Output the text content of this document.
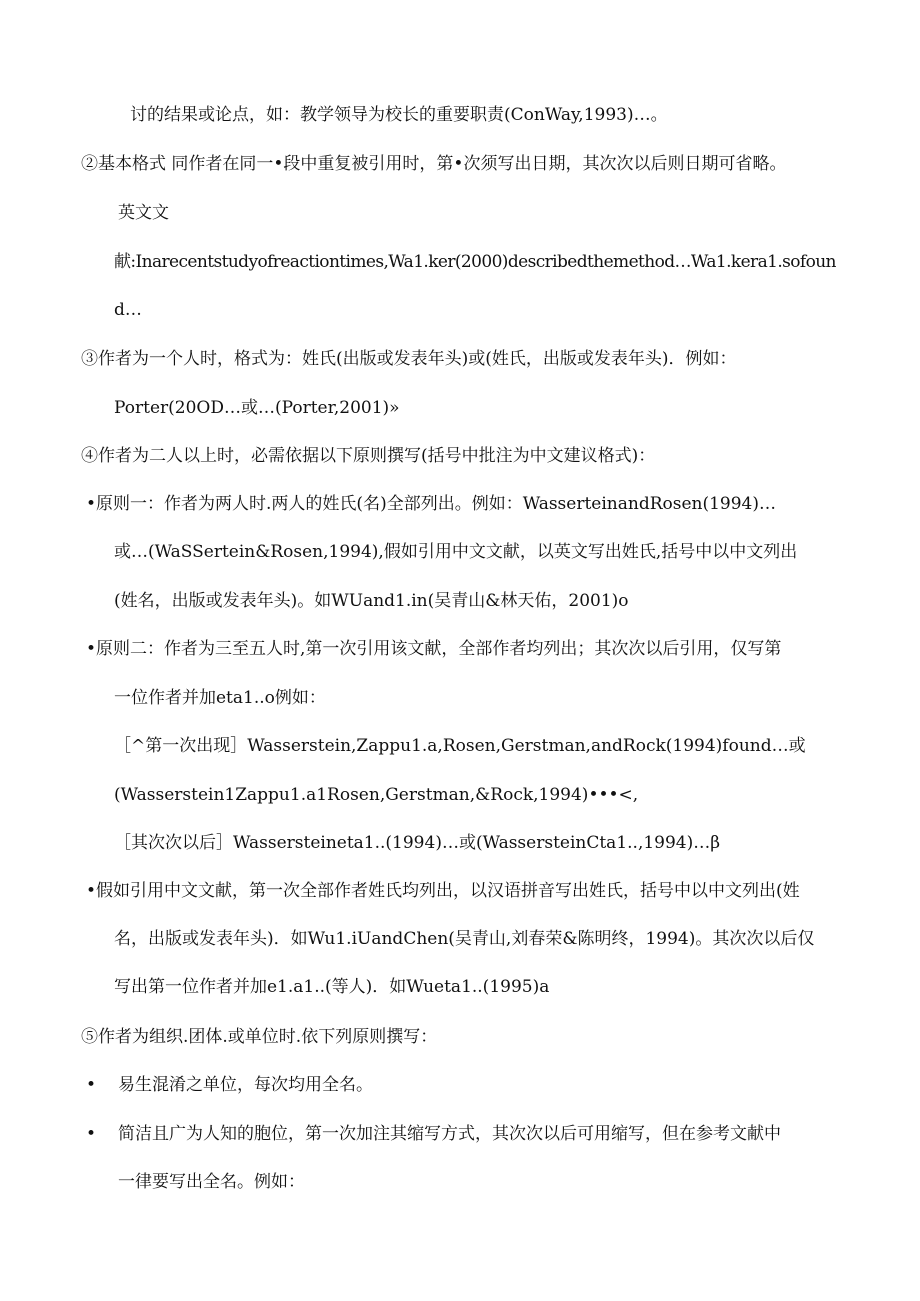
讨的结果或论点，如：教学领导为校长的重要职责(ConWay,1993)…。
②基本格式 同作者在同一•段中重复被引用时，第•次须写出日期，其次次以后则日期可省略。
英文文
献:Inarecentstudyofreactiontimes,Wa1.ker(2000)describedthemethod…Wa1.kera1.sofoun
d…
③作者为一个人时，格式为：姓氏(出版或发表年头)或(姓氏，出版或发表年头)．例如：
Porter(20OD…或…(Porter,2001)»
④作者为二人以上时，必需依据以下原则撰写(括号中批注为中文建议格式)：
•原则一：作者为两人时.两人的姓氏(名)全部列出。例如：WasserteinandRosen(1994)…
或…(WaSSertein&Rosen,1994),假如引用中文文献，以英文写出姓氏,括号中以中文列出
(姓名，出版或发表年头)。如WUand1.in(吴青山&林天佑，2001)o
•原则二：作者为三至五人时,第一次引用该文献，全部作者均列出；其次次以后引用，仅写第
一位作者并加eta1..o例如：
［^第一次出现］Wasserstein,Zappu1.a,Rosen,Gerstman,andRock(1994)found…或
(Wasserstein1Zappu1.a1Rosen,Gerstman,&Rock,1994)•••<,
［其次次以后］Wassersteineta1..(1994)…或(WassersteinCta1..,1994)…β
•假如引用中文文献，第一次全部作者姓氏均列出，以汉语拼音写出姓氏，括号中以中文列出(姓
名，出版或发表年头)．如Wu1.iUandChen(吴青山,刘春荣&陈明终，1994)。其次次以后仅
写出第一位作者并加e1.a1..(等人)．如Wueta1..(1995)a
⑤作者为组织.团体.或单位时.依下列原则撰写：
• 易生混淆之单位，每次均用全名。
• 简洁且广为人知的胞位，第一次加注其缩写方式，其次次以后可用缩写，但在参考文献中
一律要写出全名。例如：
